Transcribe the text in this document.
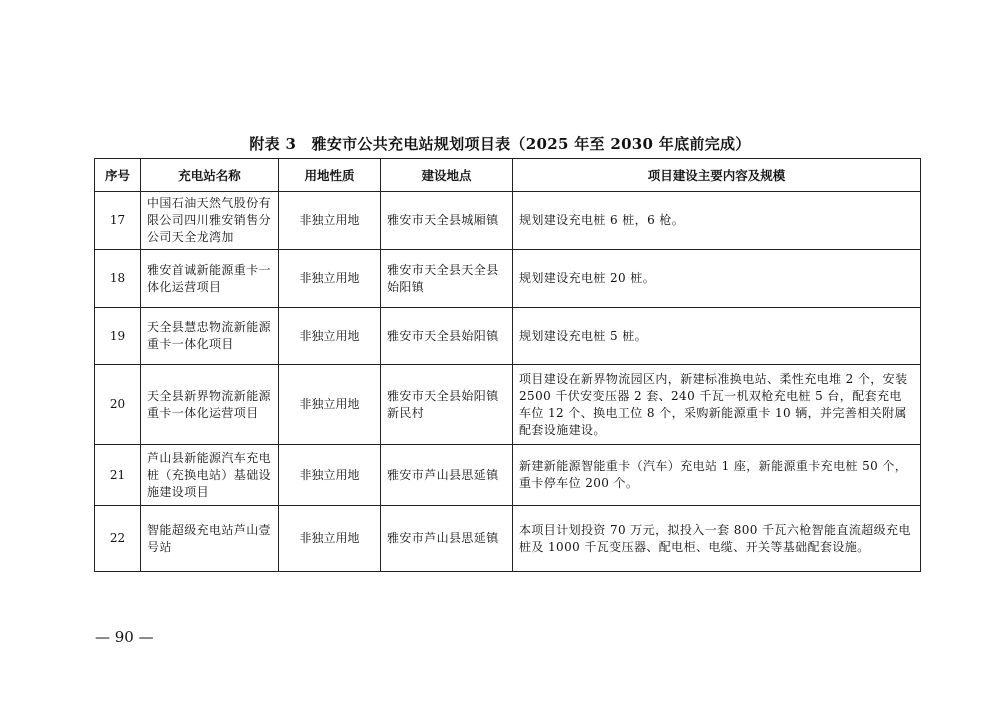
附表 3　雅安市公共充电站规划项目表（2025 年至 2030 年底前完成）
序号	充电站名称	用地性质	建设地点	项目建设主要内容及规模
17	中国石油天然气股份有限公司四川雅安销售分公司天全龙湾加	非独立用地	雅安市天全县城厢镇	规划建设充电桩 6 桩，6 枪。
18	雅安首诚新能源重卡一体化运营项目	非独立用地	雅安市天全县天全县始阳镇	规划建设充电桩 20 桩。
19	天全县慧忠物流新能源重卡一体化项目	非独立用地	雅安市天全县始阳镇	规划建设充电桩 5 桩。
20	天全县新界物流新能源重卡一体化运营项目	非独立用地	雅安市天全县始阳镇新民村	项目建设在新界物流园区内，新建标准换电站、柔性充电堆 2 个，安装 2500 千伏安变压器 2 套、240 千瓦一机双枪充电桩 5 台，配套充电车位 12 个、换电工位 8 个，采购新能源重卡 10 辆，并完善相关附属配套设施建设。
21	芦山县新能源汽车充电桩（充换电站）基础设施建设项目	非独立用地	雅安市芦山县思延镇	新建新能源智能重卡（汽车）充电站 1 座，新能源重卡充电桩 50 个，重卡停车位 200 个。
22	智能超级充电站芦山壹号站	非独立用地	雅安市芦山县思延镇	本项目计划投资 70 万元，拟投入一套 800 千瓦六枪智能直流超级充电桩及 1000 千瓦变压器、配电柜、电缆、开关等基础配套设施。
— 90 —
